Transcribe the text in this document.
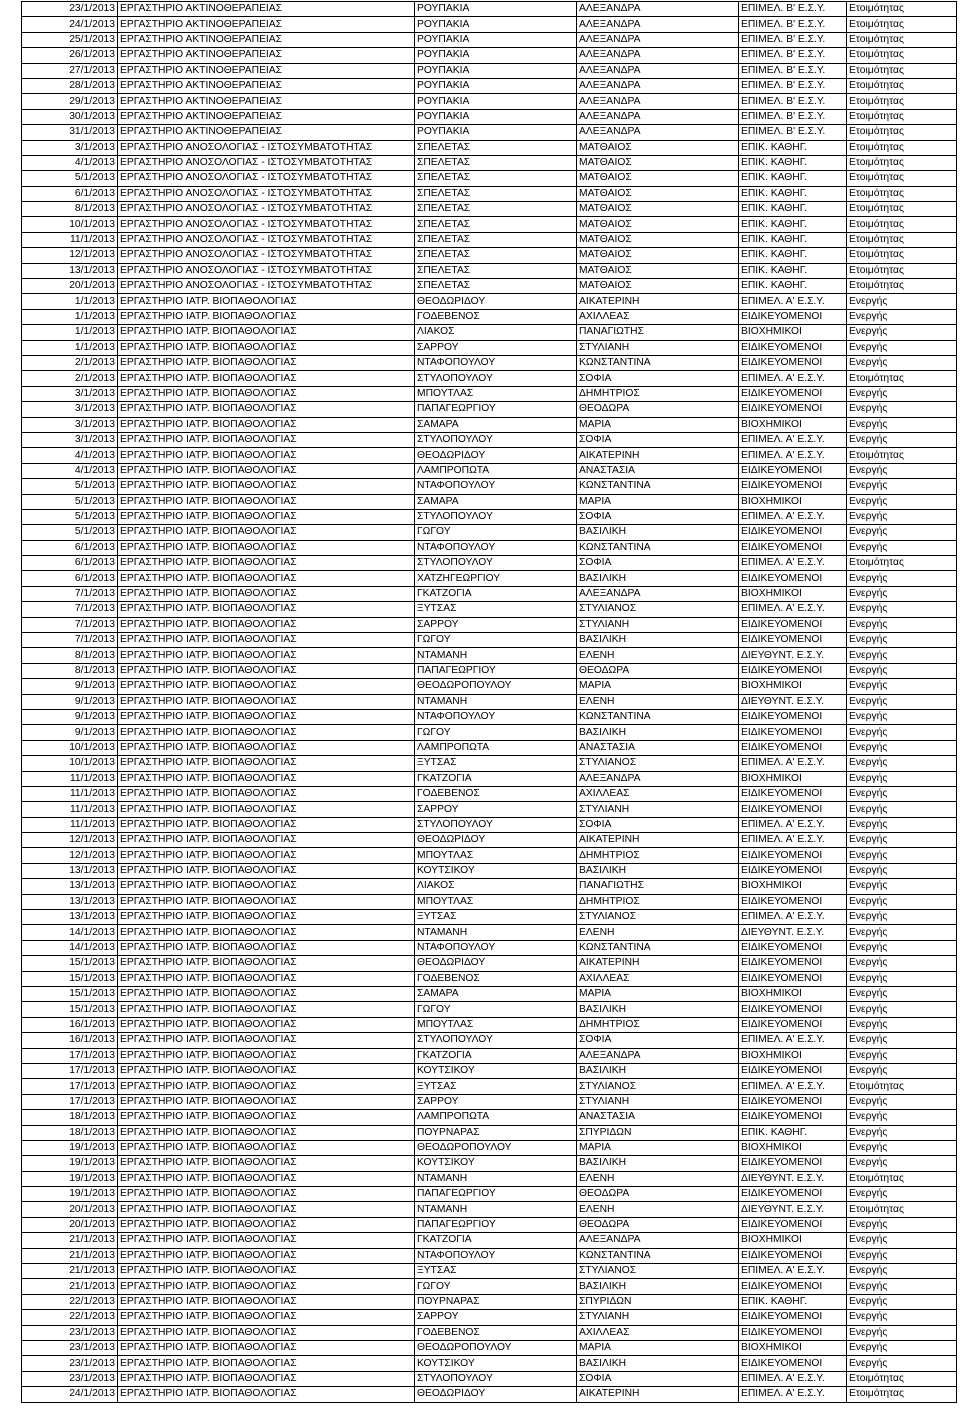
23/1/2013	ΕΡΓΑΣΤΗΡΙΟ ΑΚΤΙΝΟΘΕΡΑΠΕΙΑΣ	ΡΟΥΠΑΚΙΑ	ΑΛΕΞΑΝΔΡΑ	ΕΠΙΜΕΛ. Β' Ε.Σ.Υ.	Ετοιμότητας
24/1/2013	ΕΡΓΑΣΤΗΡΙΟ ΑΚΤΙΝΟΘΕΡΑΠΕΙΑΣ	ΡΟΥΠΑΚΙΑ	ΑΛΕΞΑΝΔΡΑ	ΕΠΙΜΕΛ. Β' Ε.Σ.Υ.	Ετοιμότητας
25/1/2013	ΕΡΓΑΣΤΗΡΙΟ ΑΚΤΙΝΟΘΕΡΑΠΕΙΑΣ	ΡΟΥΠΑΚΙΑ	ΑΛΕΞΑΝΔΡΑ	ΕΠΙΜΕΛ. Β' Ε.Σ.Υ.	Ετοιμότητας
26/1/2013	ΕΡΓΑΣΤΗΡΙΟ ΑΚΤΙΝΟΘΕΡΑΠΕΙΑΣ	ΡΟΥΠΑΚΙΑ	ΑΛΕΞΑΝΔΡΑ	ΕΠΙΜΕΛ. Β' Ε.Σ.Υ.	Ετοιμότητας
27/1/2013	ΕΡΓΑΣΤΗΡΙΟ ΑΚΤΙΝΟΘΕΡΑΠΕΙΑΣ	ΡΟΥΠΑΚΙΑ	ΑΛΕΞΑΝΔΡΑ	ΕΠΙΜΕΛ. Β' Ε.Σ.Υ.	Ετοιμότητας
28/1/2013	ΕΡΓΑΣΤΗΡΙΟ ΑΚΤΙΝΟΘΕΡΑΠΕΙΑΣ	ΡΟΥΠΑΚΙΑ	ΑΛΕΞΑΝΔΡΑ	ΕΠΙΜΕΛ. Β' Ε.Σ.Υ.	Ετοιμότητας
29/1/2013	ΕΡΓΑΣΤΗΡΙΟ ΑΚΤΙΝΟΘΕΡΑΠΕΙΑΣ	ΡΟΥΠΑΚΙΑ	ΑΛΕΞΑΝΔΡΑ	ΕΠΙΜΕΛ. Β' Ε.Σ.Υ.	Ετοιμότητας
30/1/2013	ΕΡΓΑΣΤΗΡΙΟ ΑΚΤΙΝΟΘΕΡΑΠΕΙΑΣ	ΡΟΥΠΑΚΙΑ	ΑΛΕΞΑΝΔΡΑ	ΕΠΙΜΕΛ. Β' Ε.Σ.Υ.	Ετοιμότητας
31/1/2013	ΕΡΓΑΣΤΗΡΙΟ ΑΚΤΙΝΟΘΕΡΑΠΕΙΑΣ	ΡΟΥΠΑΚΙΑ	ΑΛΕΞΑΝΔΡΑ	ΕΠΙΜΕΛ. Β' Ε.Σ.Υ.	Ετοιμότητας
3/1/2013	ΕΡΓΑΣΤΗΡΙΟ ΑΝΟΣΟΛΟΓΙΑΣ - ΙΣΤΟΣΥΜΒΑΤΟΤΗΤΑΣ	ΣΠΕΛΕΤΑΣ	ΜΑΤΘΑΙΟΣ	ΕΠΙΚ. ΚΑΘΗΓ.	Ετοιμότητας
4/1/2013	ΕΡΓΑΣΤΗΡΙΟ ΑΝΟΣΟΛΟΓΙΑΣ - ΙΣΤΟΣΥΜΒΑΤΟΤΗΤΑΣ	ΣΠΕΛΕΤΑΣ	ΜΑΤΘΑΙΟΣ	ΕΠΙΚ. ΚΑΘΗΓ.	Ετοιμότητας
5/1/2013	ΕΡΓΑΣΤΗΡΙΟ ΑΝΟΣΟΛΟΓΙΑΣ - ΙΣΤΟΣΥΜΒΑΤΟΤΗΤΑΣ	ΣΠΕΛΕΤΑΣ	ΜΑΤΘΑΙΟΣ	ΕΠΙΚ. ΚΑΘΗΓ.	Ετοιμότητας
6/1/2013	ΕΡΓΑΣΤΗΡΙΟ ΑΝΟΣΟΛΟΓΙΑΣ - ΙΣΤΟΣΥΜΒΑΤΟΤΗΤΑΣ	ΣΠΕΛΕΤΑΣ	ΜΑΤΘΑΙΟΣ	ΕΠΙΚ. ΚΑΘΗΓ.	Ετοιμότητας
8/1/2013	ΕΡΓΑΣΤΗΡΙΟ ΑΝΟΣΟΛΟΓΙΑΣ - ΙΣΤΟΣΥΜΒΑΤΟΤΗΤΑΣ	ΣΠΕΛΕΤΑΣ	ΜΑΤΘΑΙΟΣ	ΕΠΙΚ. ΚΑΘΗΓ.	Ετοιμότητας
10/1/2013	ΕΡΓΑΣΤΗΡΙΟ ΑΝΟΣΟΛΟΓΙΑΣ - ΙΣΤΟΣΥΜΒΑΤΟΤΗΤΑΣ	ΣΠΕΛΕΤΑΣ	ΜΑΤΘΑΙΟΣ	ΕΠΙΚ. ΚΑΘΗΓ.	Ετοιμότητας
11/1/2013	ΕΡΓΑΣΤΗΡΙΟ ΑΝΟΣΟΛΟΓΙΑΣ - ΙΣΤΟΣΥΜΒΑΤΟΤΗΤΑΣ	ΣΠΕΛΕΤΑΣ	ΜΑΤΘΑΙΟΣ	ΕΠΙΚ. ΚΑΘΗΓ.	Ετοιμότητας
12/1/2013	ΕΡΓΑΣΤΗΡΙΟ ΑΝΟΣΟΛΟΓΙΑΣ - ΙΣΤΟΣΥΜΒΑΤΟΤΗΤΑΣ	ΣΠΕΛΕΤΑΣ	ΜΑΤΘΑΙΟΣ	ΕΠΙΚ. ΚΑΘΗΓ.	Ετοιμότητας
13/1/2013	ΕΡΓΑΣΤΗΡΙΟ ΑΝΟΣΟΛΟΓΙΑΣ - ΙΣΤΟΣΥΜΒΑΤΟΤΗΤΑΣ	ΣΠΕΛΕΤΑΣ	ΜΑΤΘΑΙΟΣ	ΕΠΙΚ. ΚΑΘΗΓ.	Ετοιμότητας
20/1/2013	ΕΡΓΑΣΤΗΡΙΟ ΑΝΟΣΟΛΟΓΙΑΣ - ΙΣΤΟΣΥΜΒΑΤΟΤΗΤΑΣ	ΣΠΕΛΕΤΑΣ	ΜΑΤΘΑΙΟΣ	ΕΠΙΚ. ΚΑΘΗΓ.	Ετοιμότητας
1/1/2013	ΕΡΓΑΣΤΗΡΙΟ ΙΑΤΡ. ΒΙΟΠΑΘΟΛΟΓΙΑΣ	ΘΕΟΔΩΡΙΔΟΥ	ΑΙΚΑΤΕΡΙΝΗ	ΕΠΙΜΕΛ. Α' Ε.Σ.Υ.	Ενεργής
1/1/2013	ΕΡΓΑΣΤΗΡΙΟ ΙΑΤΡ. ΒΙΟΠΑΘΟΛΟΓΙΑΣ	ΓΟΔΕΒΕΝΟΣ	ΑΧΙΛΛΕΑΣ	ΕΙΔΙΚΕΥΟΜΕΝΟΙ	Ενεργής
1/1/2013	ΕΡΓΑΣΤΗΡΙΟ ΙΑΤΡ. ΒΙΟΠΑΘΟΛΟΓΙΑΣ	ΛΙΑΚΟΣ	ΠΑΝΑΓΙΩΤΗΣ	ΒΙΟΧΗΜΙΚΟΙ	Ενεργής
1/1/2013	ΕΡΓΑΣΤΗΡΙΟ ΙΑΤΡ. ΒΙΟΠΑΘΟΛΟΓΙΑΣ	ΣΑΡΡΟΥ	ΣΤΥΛΙΑΝΗ	ΕΙΔΙΚΕΥΟΜΕΝΟΙ	Ενεργής
2/1/2013	ΕΡΓΑΣΤΗΡΙΟ ΙΑΤΡ. ΒΙΟΠΑΘΟΛΟΓΙΑΣ	ΝΤΑΦΟΠΟΥΛΟΥ	ΚΩΝΣΤΑΝΤΙΝΑ	ΕΙΔΙΚΕΥΟΜΕΝΟΙ	Ενεργής
2/1/2013	ΕΡΓΑΣΤΗΡΙΟ ΙΑΤΡ. ΒΙΟΠΑΘΟΛΟΓΙΑΣ	ΣΤΥΛΟΠΟΥΛΟΥ	ΣΟΦΙΑ	ΕΠΙΜΕΛ. Α' Ε.Σ.Υ.	Ετοιμότητας
3/1/2013	ΕΡΓΑΣΤΗΡΙΟ ΙΑΤΡ. ΒΙΟΠΑΘΟΛΟΓΙΑΣ	ΜΠΟΥΤΛΑΣ	ΔΗΜΗΤΡΙΟΣ	ΕΙΔΙΚΕΥΟΜΕΝΟΙ	Ενεργής
3/1/2013	ΕΡΓΑΣΤΗΡΙΟ ΙΑΤΡ. ΒΙΟΠΑΘΟΛΟΓΙΑΣ	ΠΑΠΑΓΕΩΡΓΙΟΥ	ΘΕΟΔΩΡΑ	ΕΙΔΙΚΕΥΟΜΕΝΟΙ	Ενεργής
3/1/2013	ΕΡΓΑΣΤΗΡΙΟ ΙΑΤΡ. ΒΙΟΠΑΘΟΛΟΓΙΑΣ	ΣΑΜΑΡΑ	ΜΑΡΙΑ	ΒΙΟΧΗΜΙΚΟΙ	Ενεργής
3/1/2013	ΕΡΓΑΣΤΗΡΙΟ ΙΑΤΡ. ΒΙΟΠΑΘΟΛΟΓΙΑΣ	ΣΤΥΛΟΠΟΥΛΟΥ	ΣΟΦΙΑ	ΕΠΙΜΕΛ. Α' Ε.Σ.Υ.	Ενεργής
4/1/2013	ΕΡΓΑΣΤΗΡΙΟ ΙΑΤΡ. ΒΙΟΠΑΘΟΛΟΓΙΑΣ	ΘΕΟΔΩΡΙΔΟΥ	ΑΙΚΑΤΕΡΙΝΗ	ΕΠΙΜΕΛ. Α' Ε.Σ.Υ.	Ετοιμότητας
4/1/2013	ΕΡΓΑΣΤΗΡΙΟ ΙΑΤΡ. ΒΙΟΠΑΘΟΛΟΓΙΑΣ	ΛΑΜΠΡΟΠΩΤΑ	ΑΝΑΣΤΑΣΙΑ	ΕΙΔΙΚΕΥΟΜΕΝΟΙ	Ενεργής
5/1/2013	ΕΡΓΑΣΤΗΡΙΟ ΙΑΤΡ. ΒΙΟΠΑΘΟΛΟΓΙΑΣ	ΝΤΑΦΟΠΟΥΛΟΥ	ΚΩΝΣΤΑΝΤΙΝΑ	ΕΙΔΙΚΕΥΟΜΕΝΟΙ	Ενεργής
5/1/2013	ΕΡΓΑΣΤΗΡΙΟ ΙΑΤΡ. ΒΙΟΠΑΘΟΛΟΓΙΑΣ	ΣΑΜΑΡΑ	ΜΑΡΙΑ	ΒΙΟΧΗΜΙΚΟΙ	Ενεργής
5/1/2013	ΕΡΓΑΣΤΗΡΙΟ ΙΑΤΡ. ΒΙΟΠΑΘΟΛΟΓΙΑΣ	ΣΤΥΛΟΠΟΥΛΟΥ	ΣΟΦΙΑ	ΕΠΙΜΕΛ. Α' Ε.Σ.Υ.	Ενεργής
5/1/2013	ΕΡΓΑΣΤΗΡΙΟ ΙΑΤΡ. ΒΙΟΠΑΘΟΛΟΓΙΑΣ	ΓΩΓΟΥ	ΒΑΣΙΛΙΚΗ	ΕΙΔΙΚΕΥΟΜΕΝΟΙ	Ενεργής
6/1/2013	ΕΡΓΑΣΤΗΡΙΟ ΙΑΤΡ. ΒΙΟΠΑΘΟΛΟΓΙΑΣ	ΝΤΑΦΟΠΟΥΛΟΥ	ΚΩΝΣΤΑΝΤΙΝΑ	ΕΙΔΙΚΕΥΟΜΕΝΟΙ	Ενεργής
6/1/2013	ΕΡΓΑΣΤΗΡΙΟ ΙΑΤΡ. ΒΙΟΠΑΘΟΛΟΓΙΑΣ	ΣΤΥΛΟΠΟΥΛΟΥ	ΣΟΦΙΑ	ΕΠΙΜΕΛ. Α' Ε.Σ.Υ.	Ετοιμότητας
6/1/2013	ΕΡΓΑΣΤΗΡΙΟ ΙΑΤΡ. ΒΙΟΠΑΘΟΛΟΓΙΑΣ	ΧΑΤΖΗΓΕΩΡΓΙΟΥ	ΒΑΣΙΛΙΚΗ	ΕΙΔΙΚΕΥΟΜΕΝΟΙ	Ενεργής
7/1/2013	ΕΡΓΑΣΤΗΡΙΟ ΙΑΤΡ. ΒΙΟΠΑΘΟΛΟΓΙΑΣ	ΓΚΑΤΖΟΓΙΑ	ΑΛΕΞΑΝΔΡΑ	ΒΙΟΧΗΜΙΚΟΙ	Ενεργής
7/1/2013	ΕΡΓΑΣΤΗΡΙΟ ΙΑΤΡ. ΒΙΟΠΑΘΟΛΟΓΙΑΣ	ΞΥΤΣΑΣ	ΣΤΥΛΙΑΝΟΣ	ΕΠΙΜΕΛ. Α' Ε.Σ.Υ.	Ενεργής
7/1/2013	ΕΡΓΑΣΤΗΡΙΟ ΙΑΤΡ. ΒΙΟΠΑΘΟΛΟΓΙΑΣ	ΣΑΡΡΟΥ	ΣΤΥΛΙΑΝΗ	ΕΙΔΙΚΕΥΟΜΕΝΟΙ	Ενεργής
7/1/2013	ΕΡΓΑΣΤΗΡΙΟ ΙΑΤΡ. ΒΙΟΠΑΘΟΛΟΓΙΑΣ	ΓΩΓΟΥ	ΒΑΣΙΛΙΚΗ	ΕΙΔΙΚΕΥΟΜΕΝΟΙ	Ενεργής
8/1/2013	ΕΡΓΑΣΤΗΡΙΟ ΙΑΤΡ. ΒΙΟΠΑΘΟΛΟΓΙΑΣ	ΝΤΑΜΑΝΗ	ΕΛΕΝΗ	ΔΙΕΥΘΥΝΤ. Ε.Σ.Υ.	Ενεργής
8/1/2013	ΕΡΓΑΣΤΗΡΙΟ ΙΑΤΡ. ΒΙΟΠΑΘΟΛΟΓΙΑΣ	ΠΑΠΑΓΕΩΡΓΙΟΥ	ΘΕΟΔΩΡΑ	ΕΙΔΙΚΕΥΟΜΕΝΟΙ	Ενεργής
9/1/2013	ΕΡΓΑΣΤΗΡΙΟ ΙΑΤΡ. ΒΙΟΠΑΘΟΛΟΓΙΑΣ	ΘΕΟΔΩΡΟΠΟΥΛΟΥ	ΜΑΡΙΑ	ΒΙΟΧΗΜΙΚΟΙ	Ενεργής
9/1/2013	ΕΡΓΑΣΤΗΡΙΟ ΙΑΤΡ. ΒΙΟΠΑΘΟΛΟΓΙΑΣ	ΝΤΑΜΑΝΗ	ΕΛΕΝΗ	ΔΙΕΥΘΥΝΤ. Ε.Σ.Υ.	Ενεργής
9/1/2013	ΕΡΓΑΣΤΗΡΙΟ ΙΑΤΡ. ΒΙΟΠΑΘΟΛΟΓΙΑΣ	ΝΤΑΦΟΠΟΥΛΟΥ	ΚΩΝΣΤΑΝΤΙΝΑ	ΕΙΔΙΚΕΥΟΜΕΝΟΙ	Ενεργής
9/1/2013	ΕΡΓΑΣΤΗΡΙΟ ΙΑΤΡ. ΒΙΟΠΑΘΟΛΟΓΙΑΣ	ΓΩΓΟΥ	ΒΑΣΙΛΙΚΗ	ΕΙΔΙΚΕΥΟΜΕΝΟΙ	Ενεργής
10/1/2013	ΕΡΓΑΣΤΗΡΙΟ ΙΑΤΡ. ΒΙΟΠΑΘΟΛΟΓΙΑΣ	ΛΑΜΠΡΟΠΩΤΑ	ΑΝΑΣΤΑΣΙΑ	ΕΙΔΙΚΕΥΟΜΕΝΟΙ	Ενεργής
10/1/2013	ΕΡΓΑΣΤΗΡΙΟ ΙΑΤΡ. ΒΙΟΠΑΘΟΛΟΓΙΑΣ	ΞΥΤΣΑΣ	ΣΤΥΛΙΑΝΟΣ	ΕΠΙΜΕΛ. Α' Ε.Σ.Υ.	Ενεργής
11/1/2013	ΕΡΓΑΣΤΗΡΙΟ ΙΑΤΡ. ΒΙΟΠΑΘΟΛΟΓΙΑΣ	ΓΚΑΤΖΟΓΙΑ	ΑΛΕΞΑΝΔΡΑ	ΒΙΟΧΗΜΙΚΟΙ	Ενεργής
11/1/2013	ΕΡΓΑΣΤΗΡΙΟ ΙΑΤΡ. ΒΙΟΠΑΘΟΛΟΓΙΑΣ	ΓΟΔΕΒΕΝΟΣ	ΑΧΙΛΛΕΑΣ	ΕΙΔΙΚΕΥΟΜΕΝΟΙ	Ενεργής
11/1/2013	ΕΡΓΑΣΤΗΡΙΟ ΙΑΤΡ. ΒΙΟΠΑΘΟΛΟΓΙΑΣ	ΣΑΡΡΟΥ	ΣΤΥΛΙΑΝΗ	ΕΙΔΙΚΕΥΟΜΕΝΟΙ	Ενεργής
11/1/2013	ΕΡΓΑΣΤΗΡΙΟ ΙΑΤΡ. ΒΙΟΠΑΘΟΛΟΓΙΑΣ	ΣΤΥΛΟΠΟΥΛΟΥ	ΣΟΦΙΑ	ΕΠΙΜΕΛ. Α' Ε.Σ.Υ.	Ενεργής
12/1/2013	ΕΡΓΑΣΤΗΡΙΟ ΙΑΤΡ. ΒΙΟΠΑΘΟΛΟΓΙΑΣ	ΘΕΟΔΩΡΙΔΟΥ	ΑΙΚΑΤΕΡΙΝΗ	ΕΠΙΜΕΛ. Α' Ε.Σ.Υ.	Ενεργής
12/1/2013	ΕΡΓΑΣΤΗΡΙΟ ΙΑΤΡ. ΒΙΟΠΑΘΟΛΟΓΙΑΣ	ΜΠΟΥΤΛΑΣ	ΔΗΜΗΤΡΙΟΣ	ΕΙΔΙΚΕΥΟΜΕΝΟΙ	Ενεργής
13/1/2013	ΕΡΓΑΣΤΗΡΙΟ ΙΑΤΡ. ΒΙΟΠΑΘΟΛΟΓΙΑΣ	ΚΟΥΤΣΙΚΟΥ	ΒΑΣΙΛΙΚΗ	ΕΙΔΙΚΕΥΟΜΕΝΟΙ	Ενεργής
13/1/2013	ΕΡΓΑΣΤΗΡΙΟ ΙΑΤΡ. ΒΙΟΠΑΘΟΛΟΓΙΑΣ	ΛΙΑΚΟΣ	ΠΑΝΑΓΙΩΤΗΣ	ΒΙΟΧΗΜΙΚΟΙ	Ενεργής
13/1/2013	ΕΡΓΑΣΤΗΡΙΟ ΙΑΤΡ. ΒΙΟΠΑΘΟΛΟΓΙΑΣ	ΜΠΟΥΤΛΑΣ	ΔΗΜΗΤΡΙΟΣ	ΕΙΔΙΚΕΥΟΜΕΝΟΙ	Ενεργής
13/1/2013	ΕΡΓΑΣΤΗΡΙΟ ΙΑΤΡ. ΒΙΟΠΑΘΟΛΟΓΙΑΣ	ΞΥΤΣΑΣ	ΣΤΥΛΙΑΝΟΣ	ΕΠΙΜΕΛ. Α' Ε.Σ.Υ.	Ενεργής
14/1/2013	ΕΡΓΑΣΤΗΡΙΟ ΙΑΤΡ. ΒΙΟΠΑΘΟΛΟΓΙΑΣ	ΝΤΑΜΑΝΗ	ΕΛΕΝΗ	ΔΙΕΥΘΥΝΤ. Ε.Σ.Υ.	Ενεργής
14/1/2013	ΕΡΓΑΣΤΗΡΙΟ ΙΑΤΡ. ΒΙΟΠΑΘΟΛΟΓΙΑΣ	ΝΤΑΦΟΠΟΥΛΟΥ	ΚΩΝΣΤΑΝΤΙΝΑ	ΕΙΔΙΚΕΥΟΜΕΝΟΙ	Ενεργής
15/1/2013	ΕΡΓΑΣΤΗΡΙΟ ΙΑΤΡ. ΒΙΟΠΑΘΟΛΟΓΙΑΣ	ΘΕΟΔΩΡΙΔΟΥ	ΑΙΚΑΤΕΡΙΝΗ	ΕΙΔΙΚΕΥΟΜΕΝΟΙ	Ενεργής
15/1/2013	ΕΡΓΑΣΤΗΡΙΟ ΙΑΤΡ. ΒΙΟΠΑΘΟΛΟΓΙΑΣ	ΓΟΔΕΒΕΝΟΣ	ΑΧΙΛΛΕΑΣ	ΕΙΔΙΚΕΥΟΜΕΝΟΙ	Ενεργής
15/1/2013	ΕΡΓΑΣΤΗΡΙΟ ΙΑΤΡ. ΒΙΟΠΑΘΟΛΟΓΙΑΣ	ΣΑΜΑΡΑ	ΜΑΡΙΑ	ΒΙΟΧΗΜΙΚΟΙ	Ενεργής
15/1/2013	ΕΡΓΑΣΤΗΡΙΟ ΙΑΤΡ. ΒΙΟΠΑΘΟΛΟΓΙΑΣ	ΓΩΓΟΥ	ΒΑΣΙΛΙΚΗ	ΕΙΔΙΚΕΥΟΜΕΝΟΙ	Ενεργής
16/1/2013	ΕΡΓΑΣΤΗΡΙΟ ΙΑΤΡ. ΒΙΟΠΑΘΟΛΟΓΙΑΣ	ΜΠΟΥΤΛΑΣ	ΔΗΜΗΤΡΙΟΣ	ΕΙΔΙΚΕΥΟΜΕΝΟΙ	Ενεργής
16/1/2013	ΕΡΓΑΣΤΗΡΙΟ ΙΑΤΡ. ΒΙΟΠΑΘΟΛΟΓΙΑΣ	ΣΤΥΛΟΠΟΥΛΟΥ	ΣΟΦΙΑ	ΕΠΙΜΕΛ. Α' Ε.Σ.Υ.	Ενεργής
17/1/2013	ΕΡΓΑΣΤΗΡΙΟ ΙΑΤΡ. ΒΙΟΠΑΘΟΛΟΓΙΑΣ	ΓΚΑΤΖΟΓΙΑ	ΑΛΕΞΑΝΔΡΑ	ΒΙΟΧΗΜΙΚΟΙ	Ενεργής
17/1/2013	ΕΡΓΑΣΤΗΡΙΟ ΙΑΤΡ. ΒΙΟΠΑΘΟΛΟΓΙΑΣ	ΚΟΥΤΣΙΚΟΥ	ΒΑΣΙΛΙΚΗ	ΕΙΔΙΚΕΥΟΜΕΝΟΙ	Ενεργής
17/1/2013	ΕΡΓΑΣΤΗΡΙΟ ΙΑΤΡ. ΒΙΟΠΑΘΟΛΟΓΙΑΣ	ΞΥΤΣΑΣ	ΣΤΥΛΙΑΝΟΣ	ΕΠΙΜΕΛ. Α' Ε.Σ.Υ.	Ετοιμότητας
17/1/2013	ΕΡΓΑΣΤΗΡΙΟ ΙΑΤΡ. ΒΙΟΠΑΘΟΛΟΓΙΑΣ	ΣΑΡΡΟΥ	ΣΤΥΛΙΑΝΗ	ΕΙΔΙΚΕΥΟΜΕΝΟΙ	Ενεργής
18/1/2013	ΕΡΓΑΣΤΗΡΙΟ ΙΑΤΡ. ΒΙΟΠΑΘΟΛΟΓΙΑΣ	ΛΑΜΠΡΟΠΩΤΑ	ΑΝΑΣΤΑΣΙΑ	ΕΙΔΙΚΕΥΟΜΕΝΟΙ	Ενεργής
18/1/2013	ΕΡΓΑΣΤΗΡΙΟ ΙΑΤΡ. ΒΙΟΠΑΘΟΛΟΓΙΑΣ	ΠΟΥΡΝΑΡΑΣ	ΣΠΥΡΙΔΩΝ	ΕΠΙΚ. ΚΑΘΗΓ.	Ενεργής
19/1/2013	ΕΡΓΑΣΤΗΡΙΟ ΙΑΤΡ. ΒΙΟΠΑΘΟΛΟΓΙΑΣ	ΘΕΟΔΩΡΟΠΟΥΛΟΥ	ΜΑΡΙΑ	ΒΙΟΧΗΜΙΚΟΙ	Ενεργής
19/1/2013	ΕΡΓΑΣΤΗΡΙΟ ΙΑΤΡ. ΒΙΟΠΑΘΟΛΟΓΙΑΣ	ΚΟΥΤΣΙΚΟΥ	ΒΑΣΙΛΙΚΗ	ΕΙΔΙΚΕΥΟΜΕΝΟΙ	Ενεργής
19/1/2013	ΕΡΓΑΣΤΗΡΙΟ ΙΑΤΡ. ΒΙΟΠΑΘΟΛΟΓΙΑΣ	ΝΤΑΜΑΝΗ	ΕΛΕΝΗ	ΔΙΕΥΘΥΝΤ. Ε.Σ.Υ.	Ετοιμότητας
19/1/2013	ΕΡΓΑΣΤΗΡΙΟ ΙΑΤΡ. ΒΙΟΠΑΘΟΛΟΓΙΑΣ	ΠΑΠΑΓΕΩΡΓΙΟΥ	ΘΕΟΔΩΡΑ	ΕΙΔΙΚΕΥΟΜΕΝΟΙ	Ενεργής
20/1/2013	ΕΡΓΑΣΤΗΡΙΟ ΙΑΤΡ. ΒΙΟΠΑΘΟΛΟΓΙΑΣ	ΝΤΑΜΑΝΗ	ΕΛΕΝΗ	ΔΙΕΥΘΥΝΤ. Ε.Σ.Υ.	Ετοιμότητας
20/1/2013	ΕΡΓΑΣΤΗΡΙΟ ΙΑΤΡ. ΒΙΟΠΑΘΟΛΟΓΙΑΣ	ΠΑΠΑΓΕΩΡΓΙΟΥ	ΘΕΟΔΩΡΑ	ΕΙΔΙΚΕΥΟΜΕΝΟΙ	Ενεργής
21/1/2013	ΕΡΓΑΣΤΗΡΙΟ ΙΑΤΡ. ΒΙΟΠΑΘΟΛΟΓΙΑΣ	ΓΚΑΤΖΟΓΙΑ	ΑΛΕΞΑΝΔΡΑ	ΒΙΟΧΗΜΙΚΟΙ	Ενεργής
21/1/2013	ΕΡΓΑΣΤΗΡΙΟ ΙΑΤΡ. ΒΙΟΠΑΘΟΛΟΓΙΑΣ	ΝΤΑΦΟΠΟΥΛΟΥ	ΚΩΝΣΤΑΝΤΙΝΑ	ΕΙΔΙΚΕΥΟΜΕΝΟΙ	Ενεργής
21/1/2013	ΕΡΓΑΣΤΗΡΙΟ ΙΑΤΡ. ΒΙΟΠΑΘΟΛΟΓΙΑΣ	ΞΥΤΣΑΣ	ΣΤΥΛΙΑΝΟΣ	ΕΠΙΜΕΛ. Α' Ε.Σ.Υ.	Ενεργής
21/1/2013	ΕΡΓΑΣΤΗΡΙΟ ΙΑΤΡ. ΒΙΟΠΑΘΟΛΟΓΙΑΣ	ΓΩΓΟΥ	ΒΑΣΙΛΙΚΗ	ΕΙΔΙΚΕΥΟΜΕΝΟΙ	Ενεργής
22/1/2013	ΕΡΓΑΣΤΗΡΙΟ ΙΑΤΡ. ΒΙΟΠΑΘΟΛΟΓΙΑΣ	ΠΟΥΡΝΑΡΑΣ	ΣΠΥΡΙΔΩΝ	ΕΠΙΚ. ΚΑΘΗΓ.	Ενεργής
22/1/2013	ΕΡΓΑΣΤΗΡΙΟ ΙΑΤΡ. ΒΙΟΠΑΘΟΛΟΓΙΑΣ	ΣΑΡΡΟΥ	ΣΤΥΛΙΑΝΗ	ΕΙΔΙΚΕΥΟΜΕΝΟΙ	Ενεργής
23/1/2013	ΕΡΓΑΣΤΗΡΙΟ ΙΑΤΡ. ΒΙΟΠΑΘΟΛΟΓΙΑΣ	ΓΟΔΕΒΕΝΟΣ	ΑΧΙΛΛΕΑΣ	ΕΙΔΙΚΕΥΟΜΕΝΟΙ	Ενεργής
23/1/2013	ΕΡΓΑΣΤΗΡΙΟ ΙΑΤΡ. ΒΙΟΠΑΘΟΛΟΓΙΑΣ	ΘΕΟΔΩΡΟΠΟΥΛΟΥ	ΜΑΡΙΑ	ΒΙΟΧΗΜΙΚΟΙ	Ενεργής
23/1/2013	ΕΡΓΑΣΤΗΡΙΟ ΙΑΤΡ. ΒΙΟΠΑΘΟΛΟΓΙΑΣ	ΚΟΥΤΣΙΚΟΥ	ΒΑΣΙΛΙΚΗ	ΕΙΔΙΚΕΥΟΜΕΝΟΙ	Ενεργής
23/1/2013	ΕΡΓΑΣΤΗΡΙΟ ΙΑΤΡ. ΒΙΟΠΑΘΟΛΟΓΙΑΣ	ΣΤΥΛΟΠΟΥΛΟΥ	ΣΟΦΙΑ	ΕΠΙΜΕΛ. Α' Ε.Σ.Υ.	Ετοιμότητας
24/1/2013	ΕΡΓΑΣΤΗΡΙΟ ΙΑΤΡ. ΒΙΟΠΑΘΟΛΟΓΙΑΣ	ΘΕΟΔΩΡΙΔΟΥ	ΑΙΚΑΤΕΡΙΝΗ	ΕΠΙΜΕΛ. Α' Ε.Σ.Υ.	Ετοιμότητας
